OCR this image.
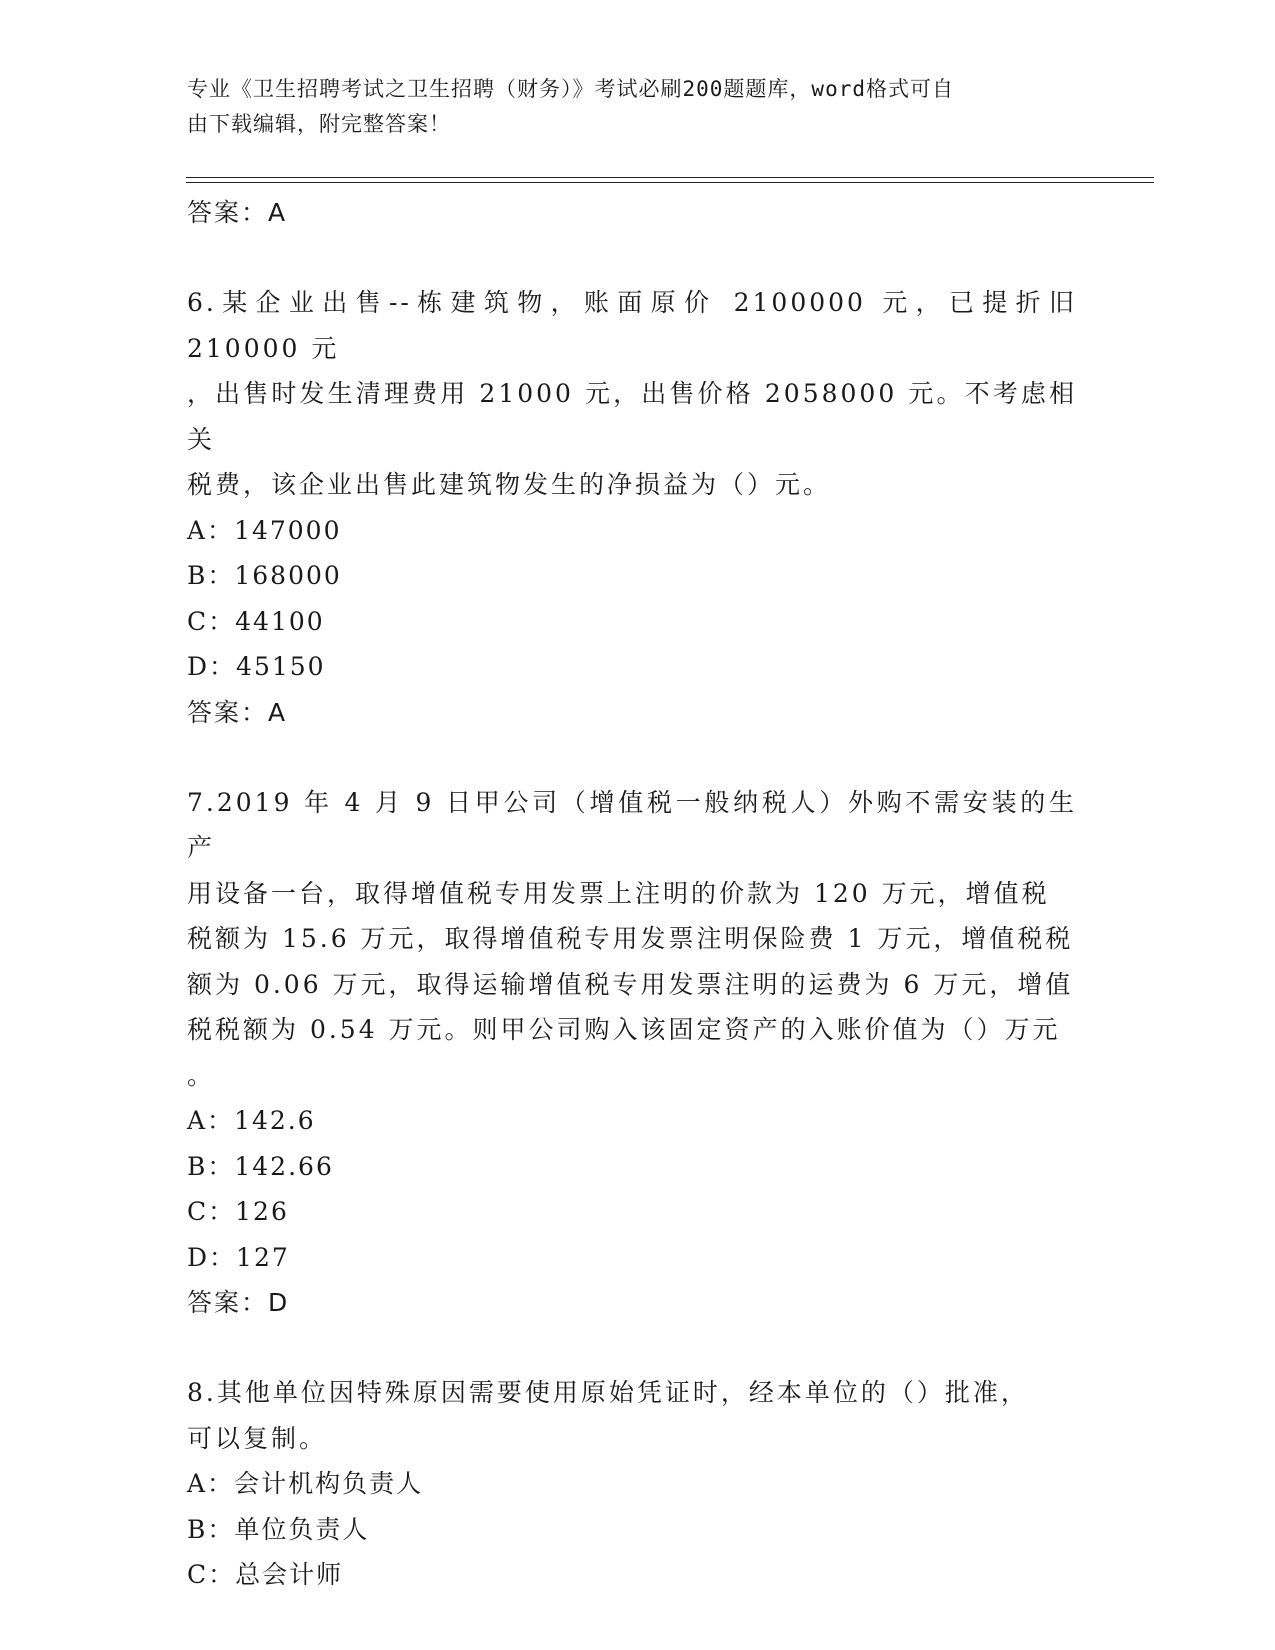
专业《卫生招聘考试之卫生招聘（财务）》考试必刷200题题库，word格式可自
由下载编辑，附完整答案！
答案：A
6.某企业出售--栋建筑物，账面原价 2100000 元，已提折旧 210000 元
，出售时发生清理费用 21000 元，出售价格 2058000 元。不考虑相关
税费，该企业出售此建筑物发生的净损益为（）元。
A：147000
B：168000
C：44100
D：45150
答案：A
7.2019 年 4 月 9 日甲公司（增值税一般纳税人）外购不需安装的生产
用设备一台，取得增值税专用发票上注明的价款为 120 万元，增值税
税额为 15.6 万元，取得增值税专用发票注明保险费 1 万元，增值税税
额为 0.06 万元，取得运输增值税专用发票注明的运费为 6 万元，增值
税税额为 0.54 万元。则甲公司购入该固定资产的入账价值为（）万元
。
A：142.6
B：142.66
C：126
D：127
答案：D
8.其他单位因特殊原因需要使用原始凭证时，经本单位的（）批准，
可以复制。
A：会计机构负责人
B：单位负责人
C：总会计师
